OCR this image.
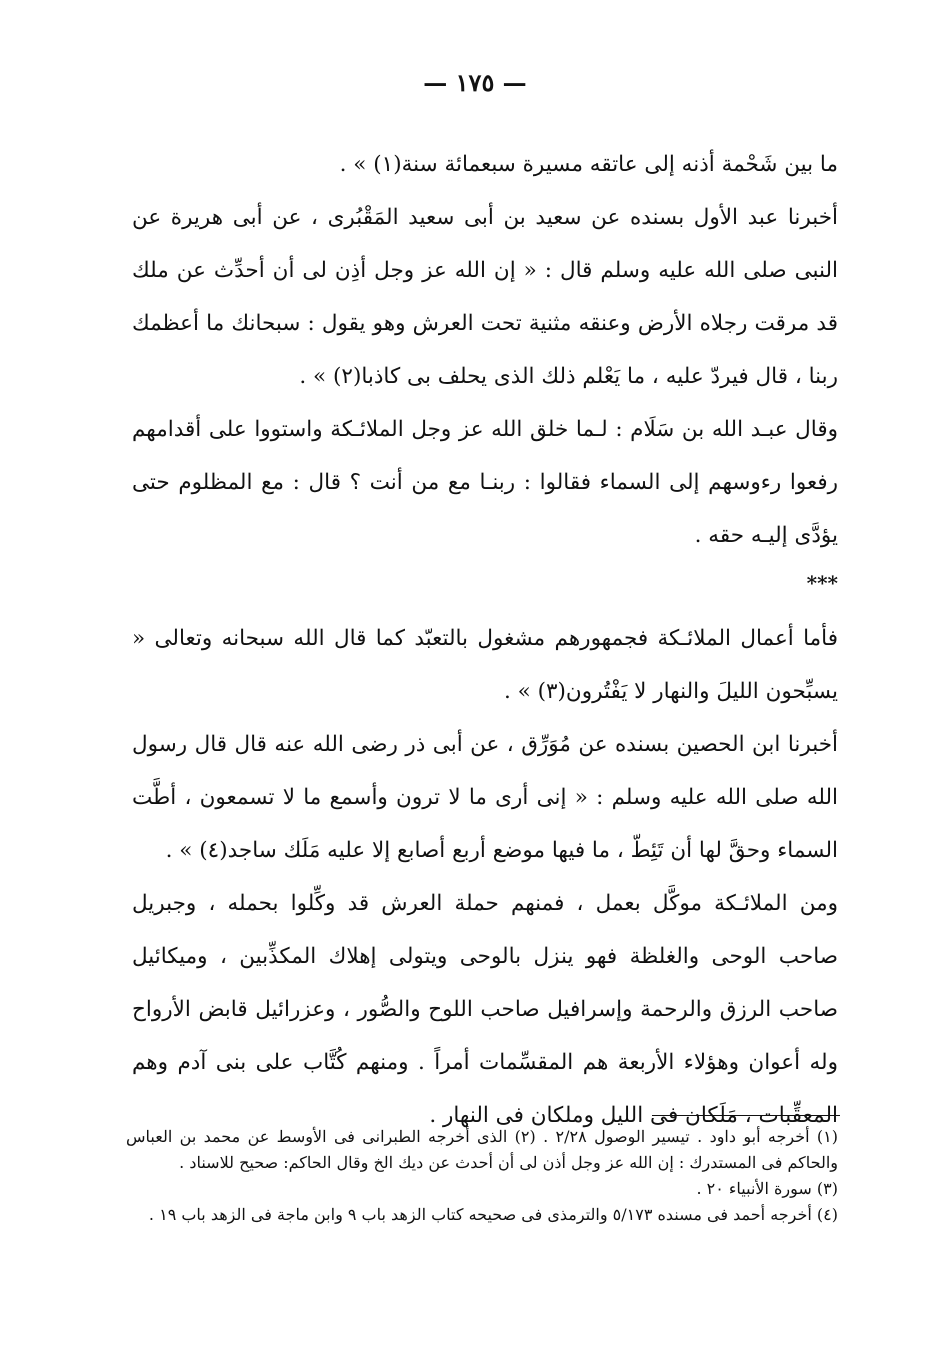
— ١٧٥ —

ما بين شَحْمة أذنه إلى عاتقه مسيرة سبعمائة سنة(١) » .

أخبرنا عبد الأول بسنده عن سعيد بن أبى سعيد المَقْبُرى ، عن أبى هريرة عن النبى صلى الله عليه وسلم قال : « إن الله عز وجل أذِن لى أن أحدِّث عن ملك قد مرقت رجلاه الأرض وعنقه مثنية تحت العرش وهو يقول : سبحانك ما أعظمك ربنا ، قال فيردّ عليه ، ما يَعْلم ذلك الذى يحلف بى كاذبا(٢) » .

وقال عبـد الله بن سَلَام : لـما خلق الله عز وجل الملائـكة واستووا على أقدامهم رفعوا رءوسهم إلى السماء فقالوا : ربنـا مع من أنت ؟ قال : مع المظلوم حتى يؤدَّى إليـه حقه .

***

فأما أعمال الملائـكة فجمهورهم مشغول بالتعبّد كما قال الله سبحانه وتعالى « يسبِّحون الليلَ والنهار لا يَفْتُرون(٣) » .

أخبرنا ابن الحصين بسنده عن مُوَرِّق ، عن أبى ذر رضى الله عنه قال قال رسول الله صلى الله عليه وسلم : « إنى أرى ما لا ترون وأسمع ما لا تسمعون ، أطَّت السماء وحقَّ لها أن تَئِطّ ، ما فيها موضع أربع أصابع إلا عليه مَلَك ساجد(٤) » .

ومن الملائـكة موكَّل بعمل ، فمنهم حملة العرش قد وكِّلوا بحمله ، وجبريل صاحب الوحى والغلظة فهو ينزل بالوحى ويتولى إهلاك المكذِّبين ، وميكائيل صاحب الرزق والرحمة وإسرافيل صاحب اللوح والصُّور ، وعزرائيل قابض الأرواح وله أعوان وهؤلاء الأربعة هم المقسِّمات أمراً . ومنهم كُتَّاب على بنى آدم وهم المعقِّبات ، مَلَكان فى الليل وملكان فى النهار .

(١) أخرجه أبو داود . تيسير الوصول ٢/٢٨ . (٢) الذى أخرجه الطبرانى فى الأوسط عن محمد بن العباس والحاكم فى المستدرك : إن الله عز وجل أذن لى أن أحدث عن ديك الخ وقال الحاكم: صحيح للاسناد .

(٣) سورة الأنبياء ٢٠ .

(٤) أخرجه أحمد فى مسنده ٥/١٧٣ والترمذى فى صحيحه كتاب الزهد باب ٩ وابن ماجة فى الزهد باب ١٩ .
